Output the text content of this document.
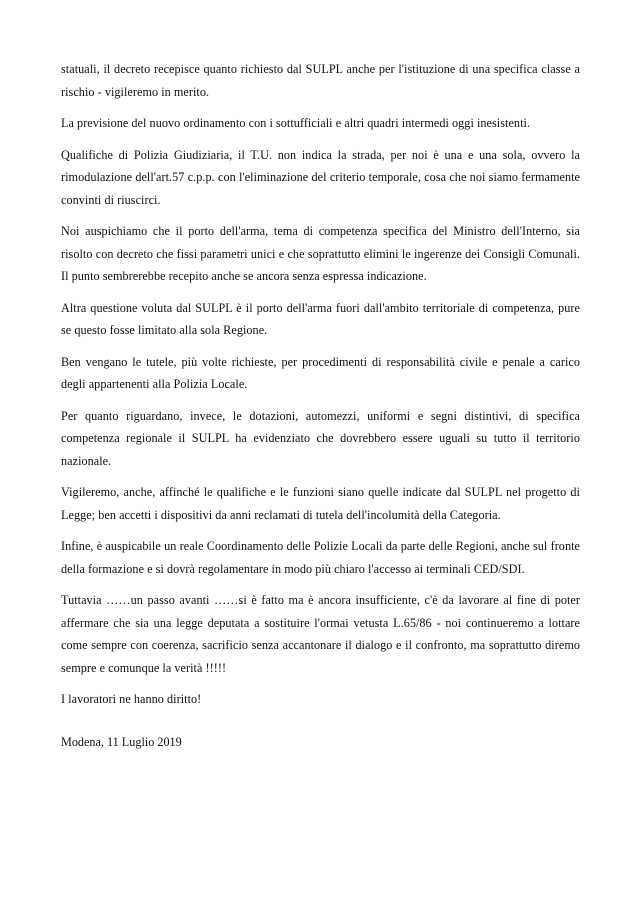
statuali, il decreto recepisce quanto richiesto dal SULPL anche per l'istituzione di una specifica classe a rischio - vigileremo in merito.

La previsione del nuovo ordinamento con i sottufficiali e altri quadri intermedi oggi inesistenti.

Qualifiche di Polizia Giudiziaria, il T.U. non indica la strada, per noi è una e una sola, ovvero la rimodulazione dell'art.57 c.p.p. con l'eliminazione del criterio temporale, cosa che noi siamo fermamente convinti di riuscirci.

Noi auspichiamo che il porto dell'arma, tema di competenza specifica del Ministro dell'Interno, sia risolto con decreto che fissi parametri unici e che soprattutto elimini le ingerenze dei Consigli Comunali. Il punto sembrerebbe recepito anche se ancora senza espressa indicazione.

Altra questione voluta dal SULPL è il porto dell'arma fuori dall'ambito territoriale di competenza, pure se questo fosse limitato alla sola Regione.

Ben vengano le tutele, più volte richieste, per procedimenti di responsabilità civile e penale a carico degli appartenenti alla Polizia Locale.

Per quanto riguardano, invece, le dotazioni, automezzi, uniformi e segni distintivi, di specifica competenza regionale il SULPL ha evidenziato che dovrebbero essere uguali su tutto il territorio nazionale.

Vigileremo, anche, affinché le qualifiche e le funzioni siano quelle indicate dal SULPL nel progetto di Legge; ben accetti i dispositivi da anni reclamati di tutela dell'incolumità della Categoria.

Infine, è auspicabile un reale Coordinamento delle Polizie Locali da parte delle Regioni, anche sul fronte della formazione e si dovrà regolamentare in modo più chiaro l'accesso ai terminali CED/SDI.

Tuttavia ……un passo avanti ……si è fatto ma è ancora insufficiente, c'è da lavorare al fine di poter affermare che sia una legge deputata a sostituire l'ormai vetusta L.65/86 - noi continueremo a lottare come sempre con coerenza, sacrificio senza accantonare il dialogo e il confronto, ma soprattutto diremo sempre e comunque la verità !!!!!

I lavoratori ne hanno diritto!

Modena, 11 Luglio 2019
